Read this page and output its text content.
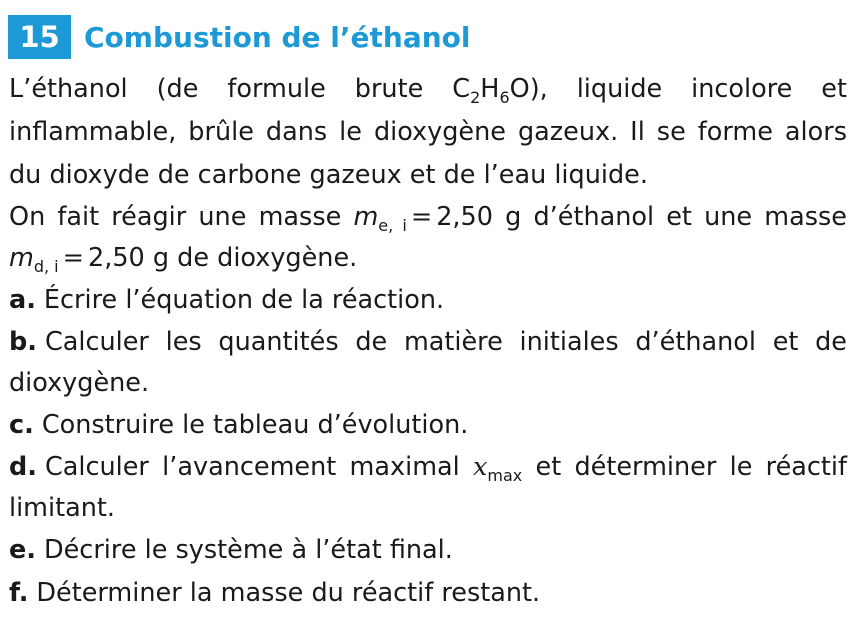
15 Combustion de l’éthanol

L’éthanol (de formule brute $C_2H_6O$), liquide incolore et inflammable, brûle dans le dioxygène gazeux. Il se forme alors du dioxyde de carbone gazeux et de l’eau liquide.

On fait réagir une masse $m_{e, i} = 2,50$ g d’éthanol et une masse $m_{d, i} = 2,50$ g de dioxygène.

a. Écrire l’équation de la réaction.

b. Calculer les quantités de matière initiales d’éthanol et de dioxygène.

c. Construire le tableau d’évolution.

d. Calculer l’avancement maximal $x_{max}$ et déterminer le réactif limitant.

e. Décrire le système à l’état final.

f. Déterminer la masse du réactif restant.
